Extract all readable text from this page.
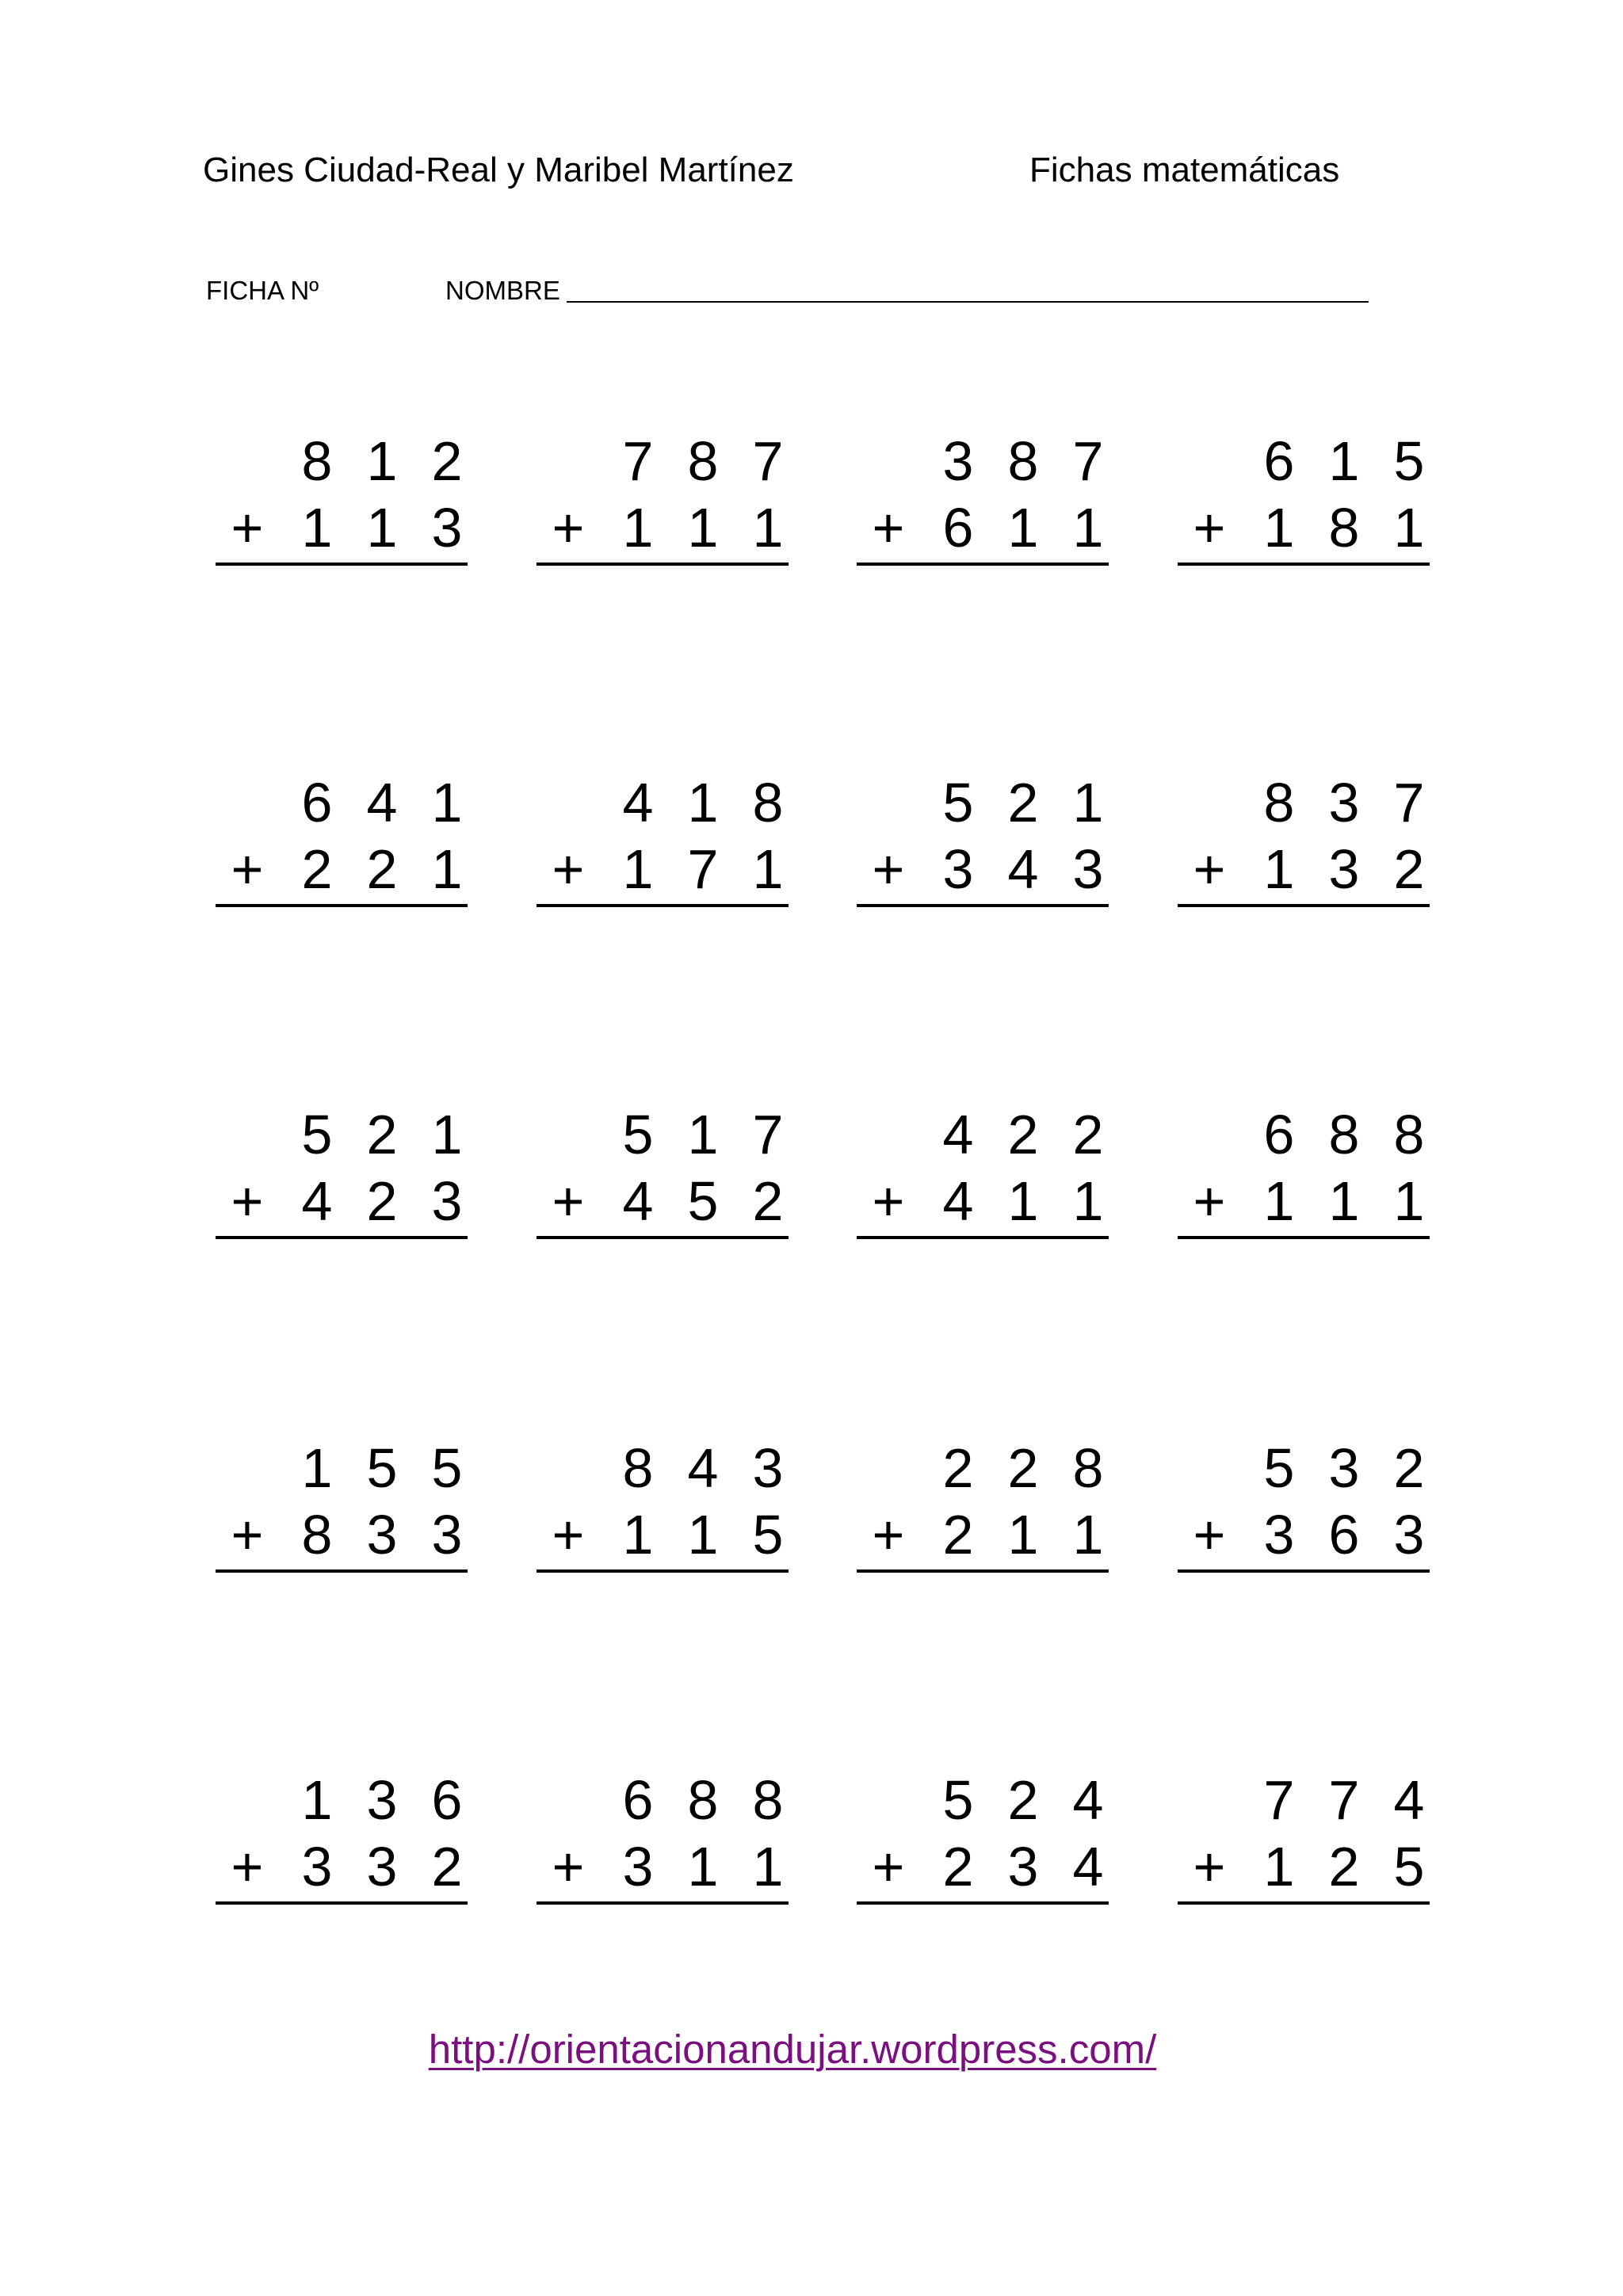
Gines Ciudad-Real y Maribel Martínez	Fichas matemáticas
FICHA Nº	NOMBRE
8 1 2
+ 1 1 3
7 8 7
+ 1 1 1
3 8 7
+ 6 1 1
6 1 5
+ 1 8 1
6 4 1
+ 2 2 1
4 1 8
+ 1 7 1
5 2 1
+ 3 4 3
8 3 7
+ 1 3 2
5 2 1
+ 4 2 3
5 1 7
+ 4 5 2
4 2 2
+ 4 1 1
6 8 8
+ 1 1 1
1 5 5
+ 8 3 3
8 4 3
+ 1 1 5
2 2 8
+ 2 1 1
5 3 2
+ 3 6 3
1 3 6
+ 3 3 2
6 8 8
+ 3 1 1
5 2 4
+ 2 3 4
7 7 4
+ 1 2 5
http://orientacionandujar.wordpress.com/
